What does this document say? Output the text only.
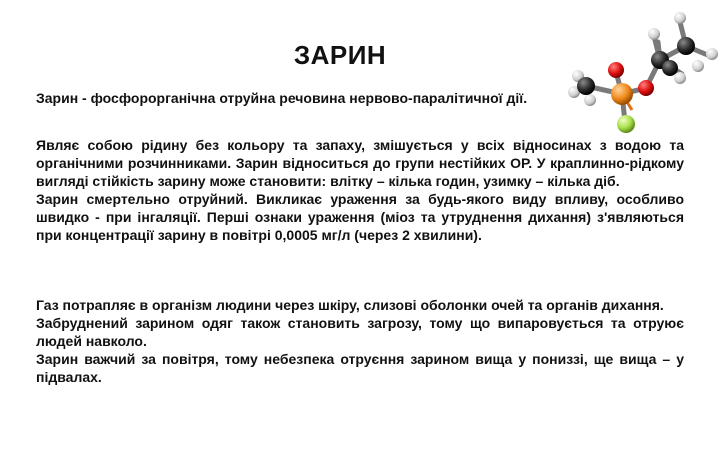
ЗАРИН
Зарин - фосфорорганічна отруйна речовина нервово-паралітичної дії.

Являє собою рідину без кольору та запаху, змішується у всіх відносинах з водою та органічними розчинниками. Зарин відноситься до групи нестійких ОР. У краплинно-рідкому вигляді стійкість зарину може становити: влітку – кілька годин, узимку – кілька діб.

Зарин смертельно отруйний. Викликає ураження за будь-якого виду впливу, особливо швидко - при інгаляції. Перші ознаки ураження (міоз та утруднення дихання) з'являються при концентрації зарину в повітрі 0,0005 мг/л (через 2 хвилини).

Газ потрапляє в організм людини через шкіру, слизові оболонки очей та органів дихання.

Забруднений зарином одяг також становить загрозу, тому що випаровується та отруює людей навколо.

Зарин важчий за повітря, тому небезпека отруєння зарином вища у пониззі, ще вища – у підвалах.
